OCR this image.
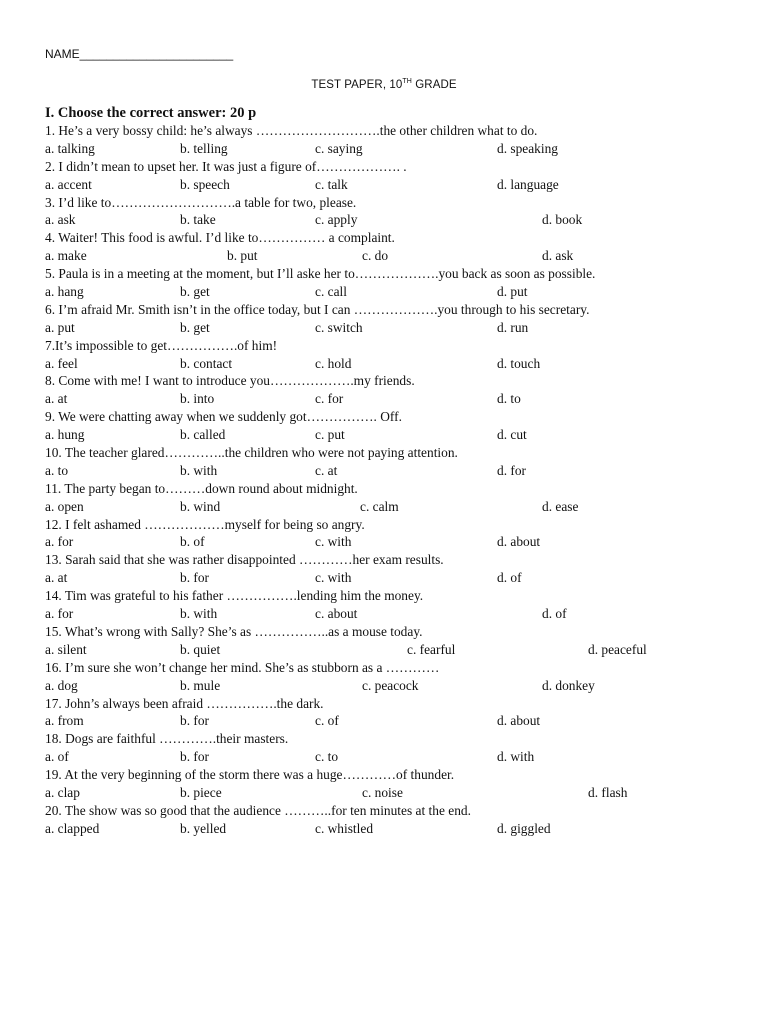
NAME_______________________
TEST PAPER, 10TH GRADE
I. Choose the correct answer: 20 p
1. He’s a very bossy child: he’s always ……………………….the other children what to do.
a. talking	b. telling	c. saying	d. speaking
2. I didn’t mean to upset her. It was just a figure of………………. .
a. accent	b. speech	c. talk	d. language
3. I’d like to……………………….a table for two, please.
a. ask	b. take	c. apply	d. book
4. Waiter! This food is awful. I’d like to…………… a complaint.
a. make	b. put	c. do	d. ask
5. Paula is in a meeting at the moment, but I’ll aske her to……………….you back as soon as possible.
a. hang	b. get	c. call	d. put
6. I’m afraid Mr. Smith isn’t in the office today, but I can ……………….you through to his secretary.
a. put	b. get	c. switch	d. run
7.It’s impossible to get…………….of him!
a. feel	b. contact	c. hold	d. touch
8. Come with me! I want to introduce you……………….my friends.
a. at	b. into	c. for	d. to
9. We were chatting away when we suddenly got……………. Off.
a. hung	b. called	c. put	d. cut
10. The teacher glared…………..the children who were not paying attention.
a. to	b. with	c. at	d. for
11. The party began to………down round about midnight.
a. open	b. wind	c. calm	d. ease
12. I felt ashamed ………………myself for being so angry.
a. for	b. of	c. with	d. about
13. Sarah said that she was rather disappointed …………her exam results.
a. at	b. for	c. with	d. of
14. Tim was grateful to his father …………….lending him the money.
a. for	b. with	c. about	d. of
15. What’s wrong with Sally? She’s as ……………..as a mouse today.
a. silent	b. quiet	c. fearful	d. peaceful
16. I’m sure she won’t change her mind. She’s as stubborn as a …………
a. dog	b. mule	c. peacock	d. donkey
17. John’s always been afraid …………….the dark.
a. from	b. for	c. of	d. about
18. Dogs are faithful ………….their masters.
a. of	b. for	c. to	d. with
19. At the very beginning of the storm there was a huge…………of thunder.
a. clap	b. piece	c. noise	d. flash
20. The show was so good that the audience ………..for ten minutes at the end.
a. clapped	b. yelled	c. whistled	d. giggled
